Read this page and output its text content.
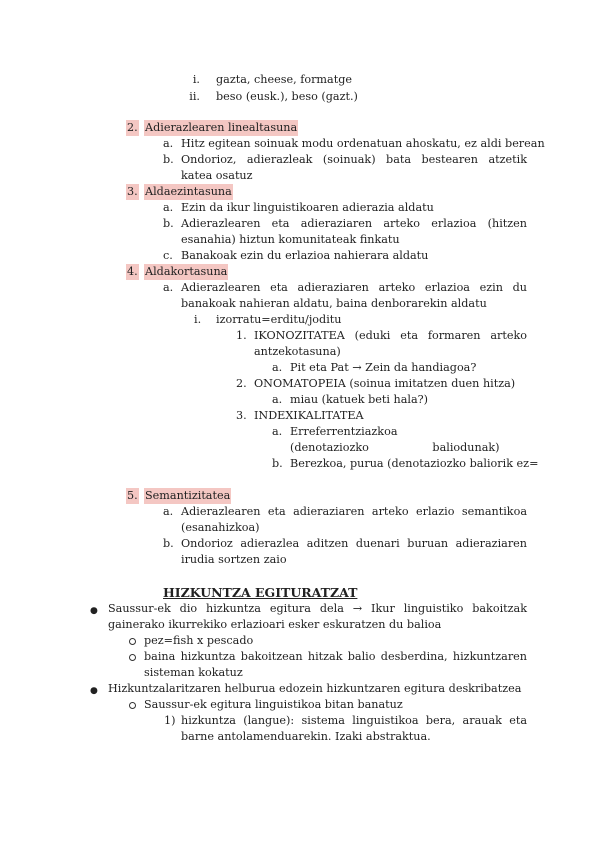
i. gazta, cheese, formatge
ii. beso (eusk.), beso (gazt.)
2. Adierazlearen linealtasuna
a. Hitz egitean soinuak modu ordenatuan ahoskatu, ez aldi berean
b. Ondorioz, adierazleak (soinuak) bata bestearen atzetik katea osatuz
3. Aldaezintasuna
a. Ezin da ikur linguistikoaren adierazia aldatu
b. Adierazlearen eta adieraziaren arteko erlazioa (hitzen esanahia) hiztun komunitateak finkatu
c. Banakoak ezin du erlazioa nahierara aldatu
4. Aldakortasuna
a. Adierazlearen eta adieraziaren arteko erlazioa ezin du banakoak nahieran aldatu, baina denborarekin aldatu
i. izorratu=erditu/joditu
1. IKONOZITATEA (eduki eta formaren arteko antzekotasuna)
a. Pit eta Pat → Zein da handiagoa?
2. ONOMATOPEIA (soinua imitatzen duen hitza)
a. miau (katuek beti hala?)
3. INDEXIKALITATEA
a. Erreferrentziazkoa (denotaziozko baliodunak)
b. Berezkoa, purua (denotaziozko baliorik ez=
5. Semantizitatea
a. Adierazlearen eta adieraziaren arteko erlazio semantikoa (esanahizkoa)
b. Ondorioz adierazlea aditzen duenari buruan adieraziaren irudia sortzen zaio
HIZKUNTZA EGITURATZAT
● Saussur-ek dio hizkuntza egitura dela → Ikur linguistiko bakoitzak gainerako ikurrekiko erlazioari esker eskuratzen du balioa
pez=fish x pescado
baina hizkuntza bakoitzean hitzak balio desberdina, hizkuntzaren sisteman kokatuz
● Hizkuntzalaritzaren helburua edozein hizkuntzaren egitura deskribatzea
Saussur-ek egitura linguistikoa bitan banatuz
1) hizkuntza (langue): sistema linguistikoa bera, arauak eta barne antolamenduarekin. Izaki abstraktua.
